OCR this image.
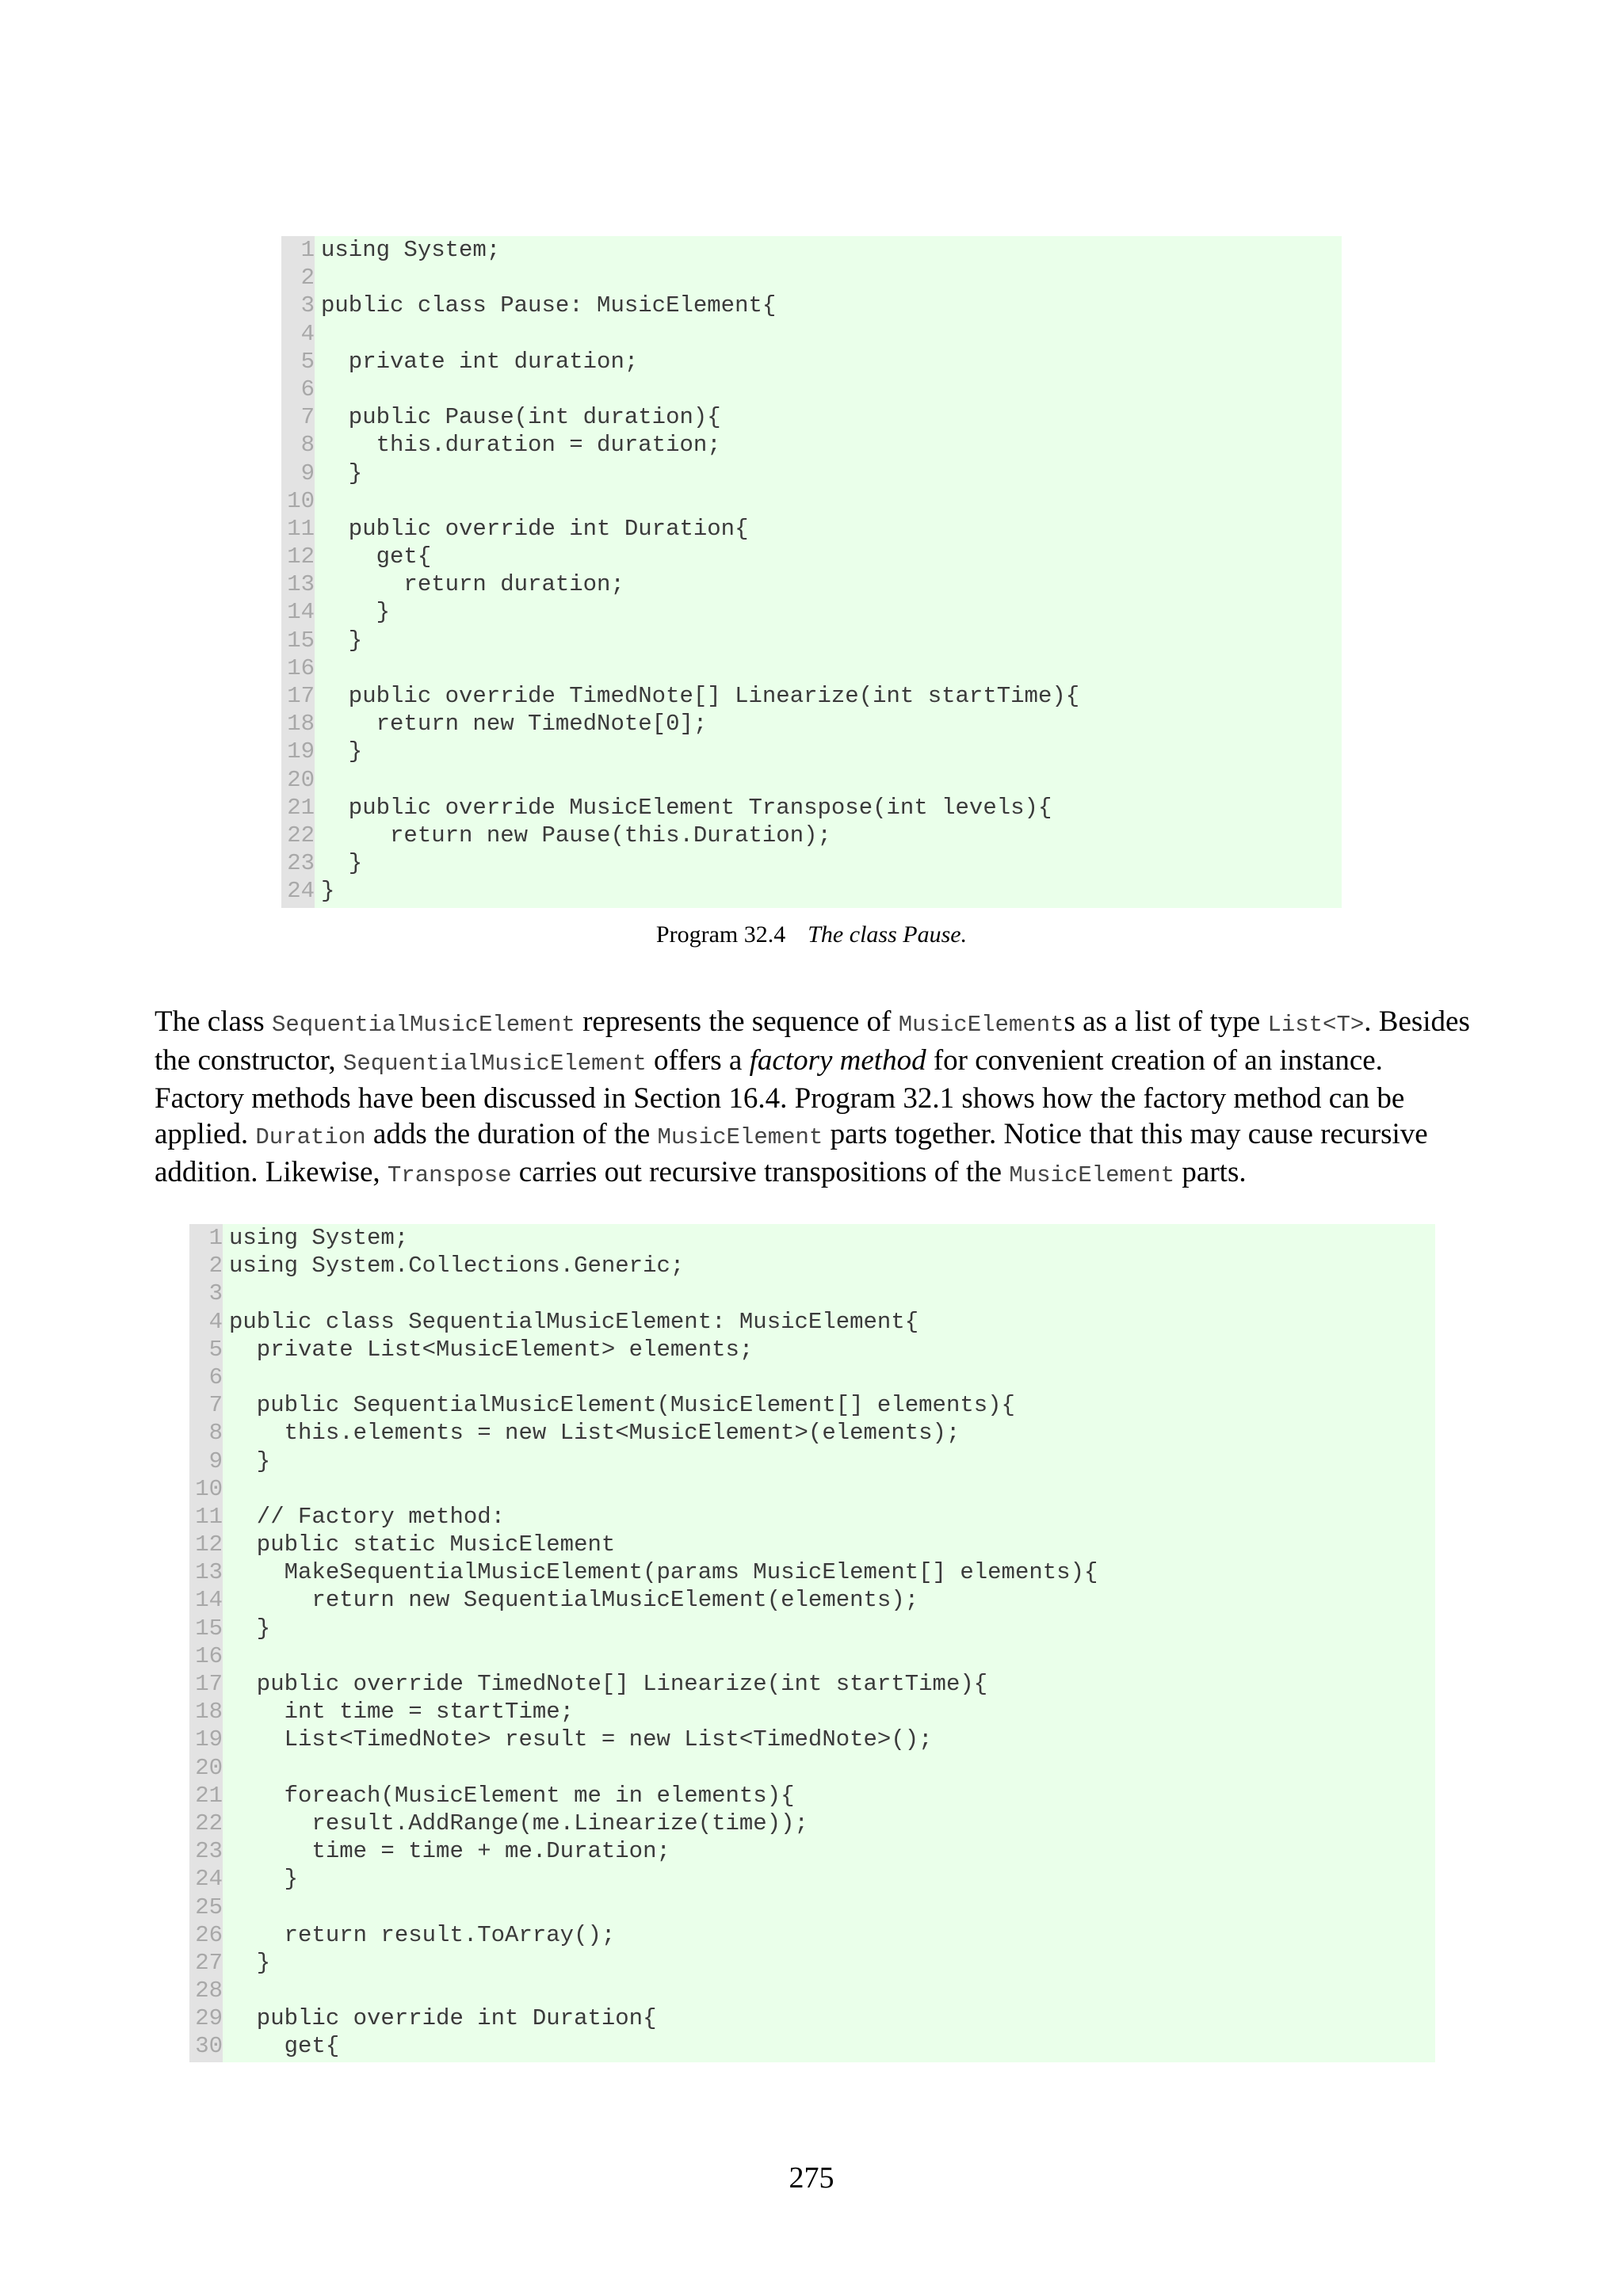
1
2
3
4
5
6
7
8
9
10
11
12
13
14
15
16
17
18
19
20
21
22
23
24
using System;
public class Pause: MusicElement{
private int duration;
public Pause(int duration){
this.duration = duration;
}
public override int Duration{
get{
return duration;
}
}
public override TimedNote[] Linearize(int startTime){
return new TimedNote[0];
}
public override MusicElement Transpose(int levels){
return new Pause(this.Duration);
}
}
Program 32.4 The class Pause.
The class SequentialMusicElement represents the sequence of MusicElements as a list of type List<T>. Besides the constructor, SequentialMusicElement offers a factory method for convenient creation of an instance. Factory methods have been discussed in Section 16.4. Program 32.1 shows how the factory method can be applied. Duration adds the duration of the MusicElement parts together. Notice that this may cause recursive addition. Likewise, Transpose carries out recursive transpositions of the MusicElement parts.
1
2
3
4
5
6
7
8
9
10
11
12
13
14
15
16
17
18
19
20
21
22
23
24
25
26
27
28
29
30
using System;
using System.Collections.Generic;
public class SequentialMusicElement: MusicElement{
private List<MusicElement> elements;
public SequentialMusicElement(MusicElement[] elements){
this.elements = new List<MusicElement>(elements);
}
// Factory method:
public static MusicElement
MakeSequentialMusicElement(params MusicElement[] elements){
return new SequentialMusicElement(elements);
}
public override TimedNote[] Linearize(int startTime){
int time = startTime;
List<TimedNote> result = new List<TimedNote>();
foreach(MusicElement me in elements){
result.AddRange(me.Linearize(time));
time = time + me.Duration;
}
return result.ToArray();
}
public override int Duration{
get{
275
